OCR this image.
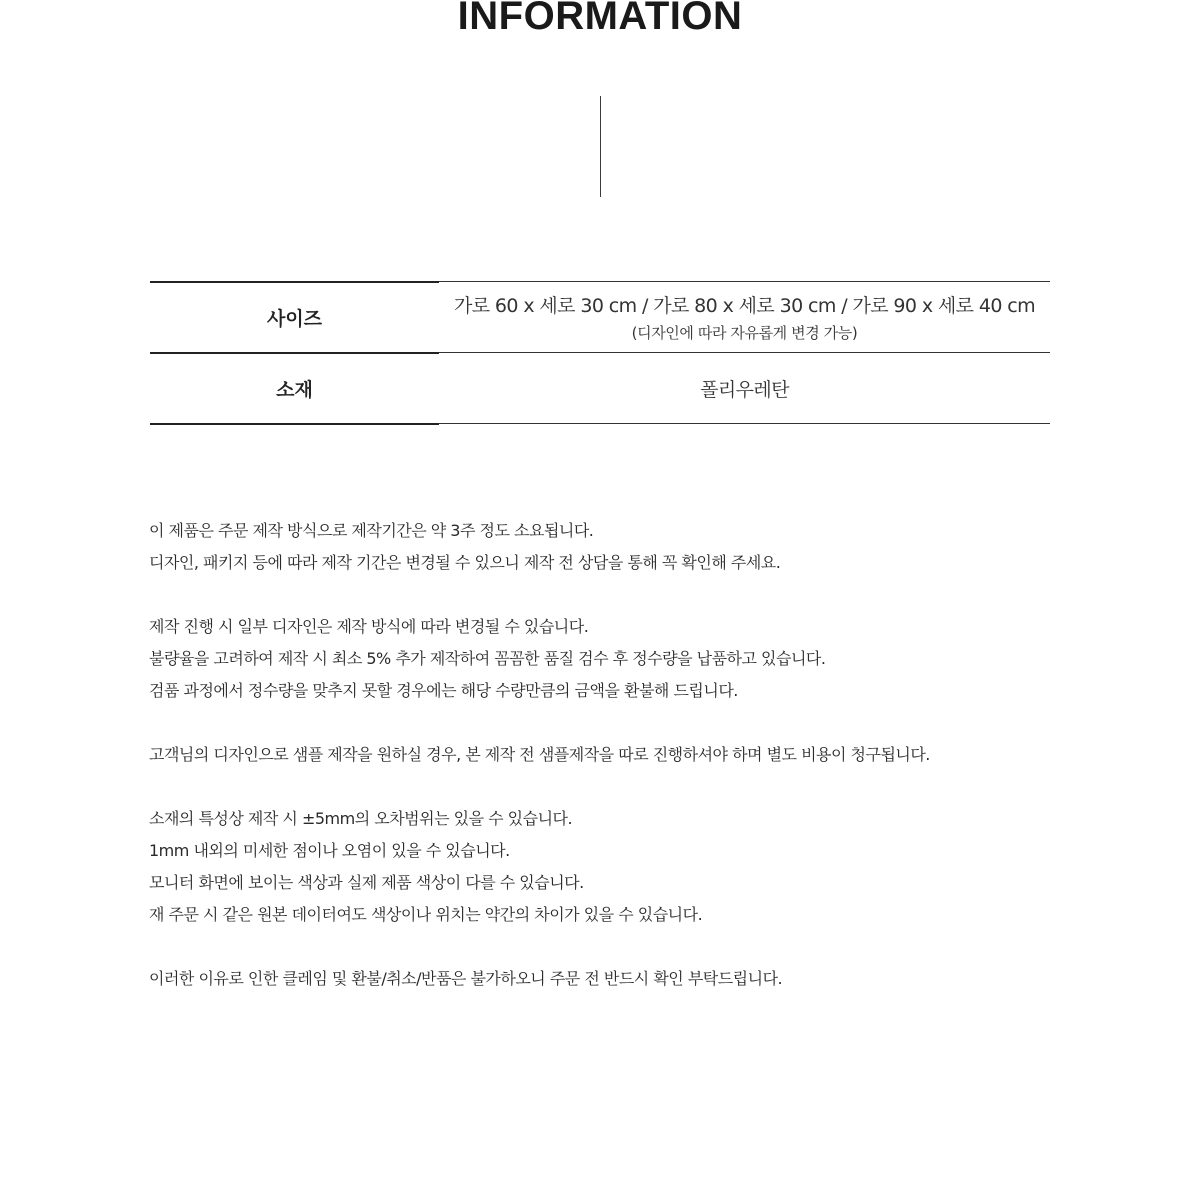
INFORMATION
사이즈
가로 60 x 세로 30 cm / 가로 80 x 세로 30 cm / 가로 90 x 세로 40 cm
(디자인에 따라 자유롭게 변경 가능)
소재	폴리우레탄
이 제품은 주문 제작 방식으로 제작기간은 약 3주 정도 소요됩니다.
디자인, 패키지 등에 따라 제작 기간은 변경될 수 있으니 제작 전 상담을 통해 꼭 확인해 주세요.
제작 진행 시 일부 디자인은 제작 방식에 따라 변경될 수 있습니다.
불량율을 고려하여 제작 시 최소 5% 추가 제작하여 꼼꼼한 품질 검수 후 정수량을 납품하고 있습니다.
검품 과정에서 정수량을 맞추지 못할 경우에는 해당 수량만큼의 금액을 환불해 드립니다.
고객님의 디자인으로 샘플 제작을 원하실 경우, 본 제작 전 샘플제작을 따로 진행하셔야 하며 별도 비용이 청구됩니다.
소재의 특성상 제작 시 ±5mm의 오차범위는 있을 수 있습니다.
1mm 내외의 미세한 점이나 오염이 있을 수 있습니다.
모니터 화면에 보이는 색상과 실제 제품 색상이 다를 수 있습니다.
재 주문 시 같은 원본 데이터여도 색상이나 위치는 약간의 차이가 있을 수 있습니다.
이러한 이유로 인한 클레임 및 환불/취소/반품은 불가하오니 주문 전 반드시 확인 부탁드립니다.
